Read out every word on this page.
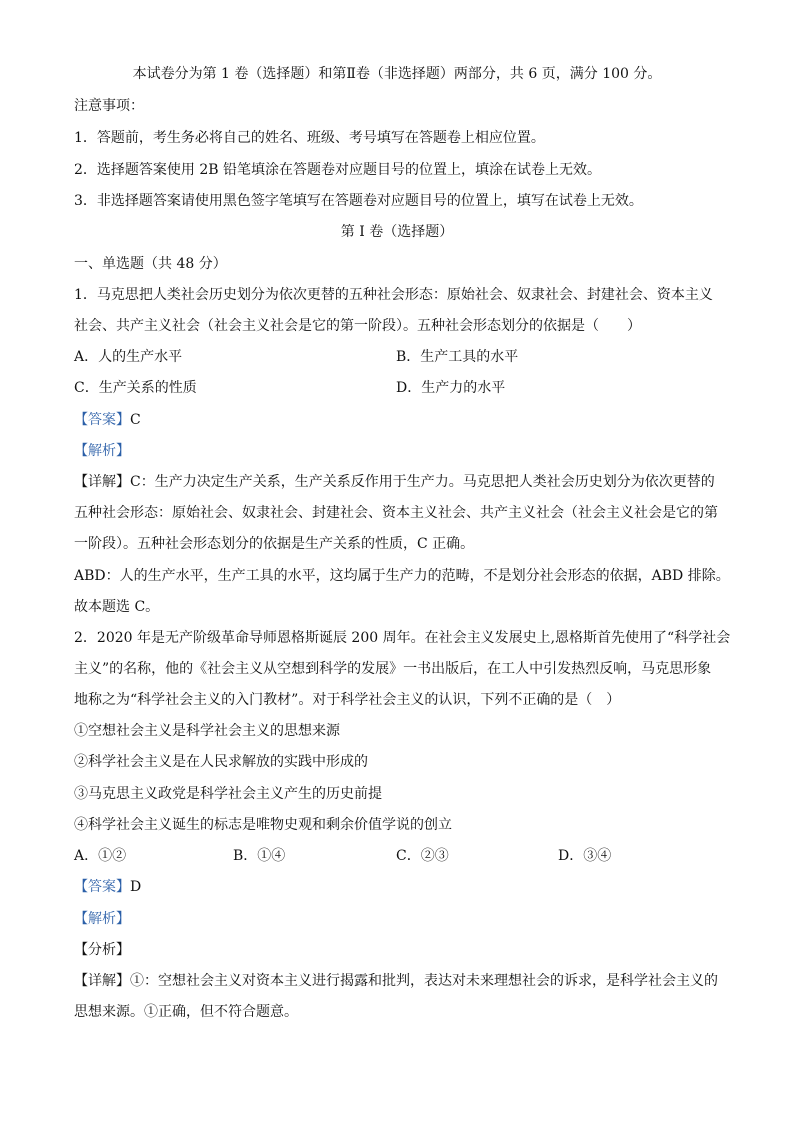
本试卷分为第 1 卷（选择题）和第Ⅱ卷（非选择题）两部分，共 6 页，满分 100 分。
注意事项：
1．答题前，考生务必将自己的姓名、班级、考号填写在答题卷上相应位置。
2．选择题答案使用 2B 铅笔填涂在答题卷对应题目号的位置上，填涂在试卷上无效。
3．非选择题答案请使用黑色签字笔填写在答题卷对应题目号的位置上，填写在试卷上无效。
第 I 卷（选择题）
一、单选题（共 48 分）
1．马克思把人类社会历史划分为依次更替的五种社会形态：原始社会、奴隶社会、封建社会、资本主义
社会、共产主义社会（社会主义社会是它的第一阶段）。五种社会形态划分的依据是（　　）
A．人的生产水平	B．生产工具的水平
C．生产关系的性质	D．生产力的水平
【答案】C
【解析】
【详解】C：生产力决定生产关系，生产关系反作用于生产力。马克思把人类社会历史划分为依次更替的
五种社会形态：原始社会、奴隶社会、封建社会、资本主义社会、共产主义社会（社会主义社会是它的第
一阶段）。五种社会形态划分的依据是生产关系的性质，C 正确。
ABD：人的生产水平，生产工具的水平，这均属于生产力的范畴，不是划分社会形态的依据，ABD 排除。
故本题选 C。
2．2020 年是无产阶级革命导师恩格斯诞辰 200 周年。在社会主义发展史上,恩格斯首先使用了“科学社会
主义”的名称，他的《社会主义从空想到科学的发展》一书出版后，在工人中引发热烈反响，马克思形象
地称之为“科学社会主义的入门教材”。对于科学社会主义的认识，下列不正确的是（　）
①空想社会主义是科学社会主义的思想来源
②科学社会主义是在人民求解放的实践中形成的
③马克思主义政党是科学社会主义产生的历史前提
④科学社会主义诞生的标志是唯物史观和剩余价值学说的创立
A．①②	B．①④	C．②③	D．③④
【答案】D
【解析】
【分析】
【详解】①：空想社会主义对资本主义进行揭露和批判，表达对未来理想社会的诉求，是科学社会主义的
思想来源。①正确，但不符合题意。
